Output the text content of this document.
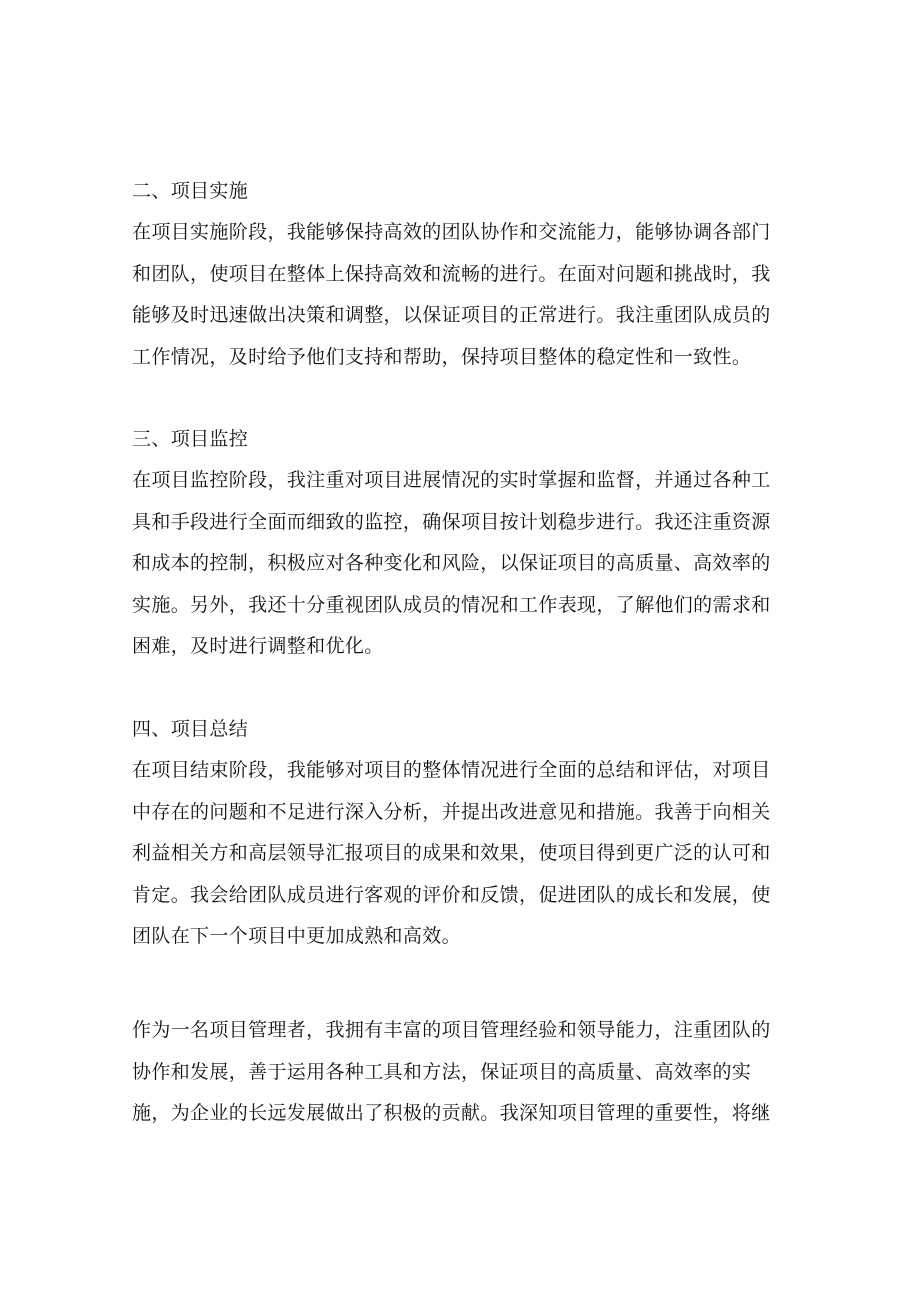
二、项目实施
在项目实施阶段，我能够保持高效的团队协作和交流能力，能够协调各部门
和团队，使项目在整体上保持高效和流畅的进行。在面对问题和挑战时，我
能够及时迅速做出决策和调整，以保证项目的正常进行。我注重团队成员的
工作情况，及时给予他们支持和帮助，保持项目整体的稳定性和一致性。
三、项目监控
在项目监控阶段，我注重对项目进展情况的实时掌握和监督，并通过各种工
具和手段进行全面而细致的监控，确保项目按计划稳步进行。我还注重资源
和成本的控制，积极应对各种变化和风险，以保证项目的高质量、高效率的
实施。另外，我还十分重视团队成员的情况和工作表现，了解他们的需求和
困难，及时进行调整和优化。
四、项目总结
在项目结束阶段，我能够对项目的整体情况进行全面的总结和评估，对项目
中存在的问题和不足进行深入分析，并提出改进意见和措施。我善于向相关
利益相关方和高层领导汇报项目的成果和效果，使项目得到更广泛的认可和
肯定。我会给团队成员进行客观的评价和反馈，促进团队的成长和发展，使
团队在下一个项目中更加成熟和高效。
作为一名项目管理者，我拥有丰富的项目管理经验和领导能力，注重团队的
协作和发展，善于运用各种工具和方法，保证项目的高质量、高效率的实
施，为企业的长远发展做出了积极的贡献。我深知项目管理的重要性，将继
